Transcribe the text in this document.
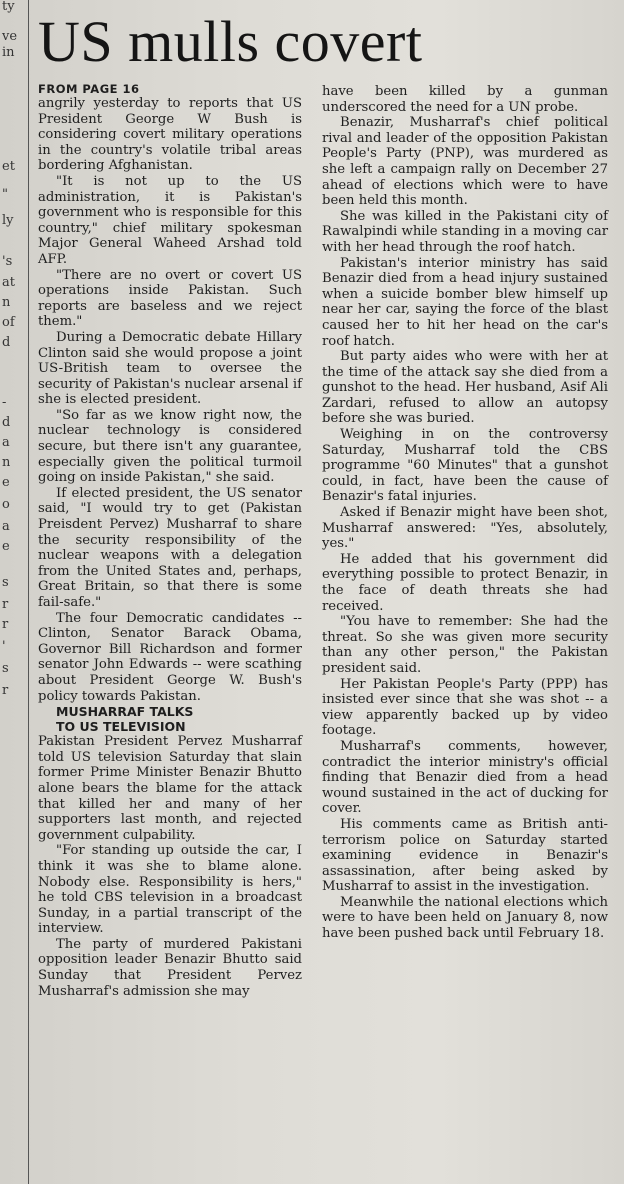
ty
ve
in
et
"
ly
's
at
n
of
d
-
d
a
n
e
o
a
e
s
r
r
'
s
r
US mulls covert
FROM PAGE 16

angrily yesterday to reports that US President George W Bush is considering covert military operations in the country's volatile tribal areas bordering Afghanistan.

"It is not up to the US administration, it is Pakistan's government who is responsible for this country," chief military spokesman Major General Waheed Arshad told AFP.

"There are no overt or covert US operations inside Pakistan. Such reports are baseless and we reject them."

During a Democratic debate Hillary Clinton said she would propose a joint US-British team to oversee the security of Pakistan's nuclear arsenal if she is elected president.

"So far as we know right now, the nuclear technology is considered secure, but there isn't any guarantee, especially given the political turmoil going on inside Pakistan," she said.

If elected president, the US senator said, "I would try to get (Pakistan Preisdent Pervez) Musharraf to share the security responsibility of the nuclear weapons with a delegation from the United States and, perhaps, Great Britain, so that there is some fail-safe."

The four Democratic candidates -- Clinton, Senator Barack Obama, Governor Bill Richardson and former senator John Edwards -- were scathing about President George W. Bush's policy towards Pakistan.

MUSHARRAF TALKS

TO US TELEVISION

Pakistan President Pervez Musharraf told US television Saturday that slain former Prime Minister Benazir Bhutto alone bears the blame for the attack that killed her and many of her supporters last month, and rejected government culpability.

"For standing up outside the car, I think it was she to blame alone. Nobody else. Responsibility is hers," he told CBS television in a broadcast Sunday, in a partial transcript of the interview.

The party of murdered Pakistani opposition leader Benazir Bhutto said Sunday that President Pervez Musharraf's admission she may

have been killed by a gunman underscored the need for a UN probe.

Benazir, Musharraf's chief political rival and leader of the opposition Pakistan People's Party (PNP), was murdered as she left a campaign rally on December 27 ahead of elections which were to have been held this month.

She was killed in the Pakistani city of Rawalpindi while standing in a moving car with her head through the roof hatch.

Pakistan's interior ministry has said Benazir died from a head injury sustained when a suicide bomber blew himself up near her car, saying the force of the blast caused her to hit her head on the car's roof hatch.

But party aides who were with her at the time of the attack say she died from a gunshot to the head. Her husband, Asif Ali Zardari, refused to allow an autopsy before she was buried.

Weighing in on the controversy Saturday, Musharraf told the CBS programme "60 Minutes" that a gunshot could, in fact, have been the cause of Benazir's fatal injuries.

Asked if Benazir might have been shot, Musharraf answered: "Yes, absolutely, yes."

He added that his government did everything possible to protect Benazir, in the face of death threats she had received.

"You have to remember: She had the threat. So she was given more security than any other person," the Pakistan president said.

Her Pakistan People's Party (PPP) has insisted ever since that she was shot -- a view apparently backed up by video footage.

Musharraf's comments, however, contradict the interior ministry's official finding that Benazir died from a head wound sustained in the act of ducking for cover.

His comments came as British anti-terrorism police on Saturday started examining evidence in Benazir's assassination, after being asked by Musharraf to assist in the investigation.

Meanwhile the national elections which were to have been held on January 8, now have been pushed back until February 18.
